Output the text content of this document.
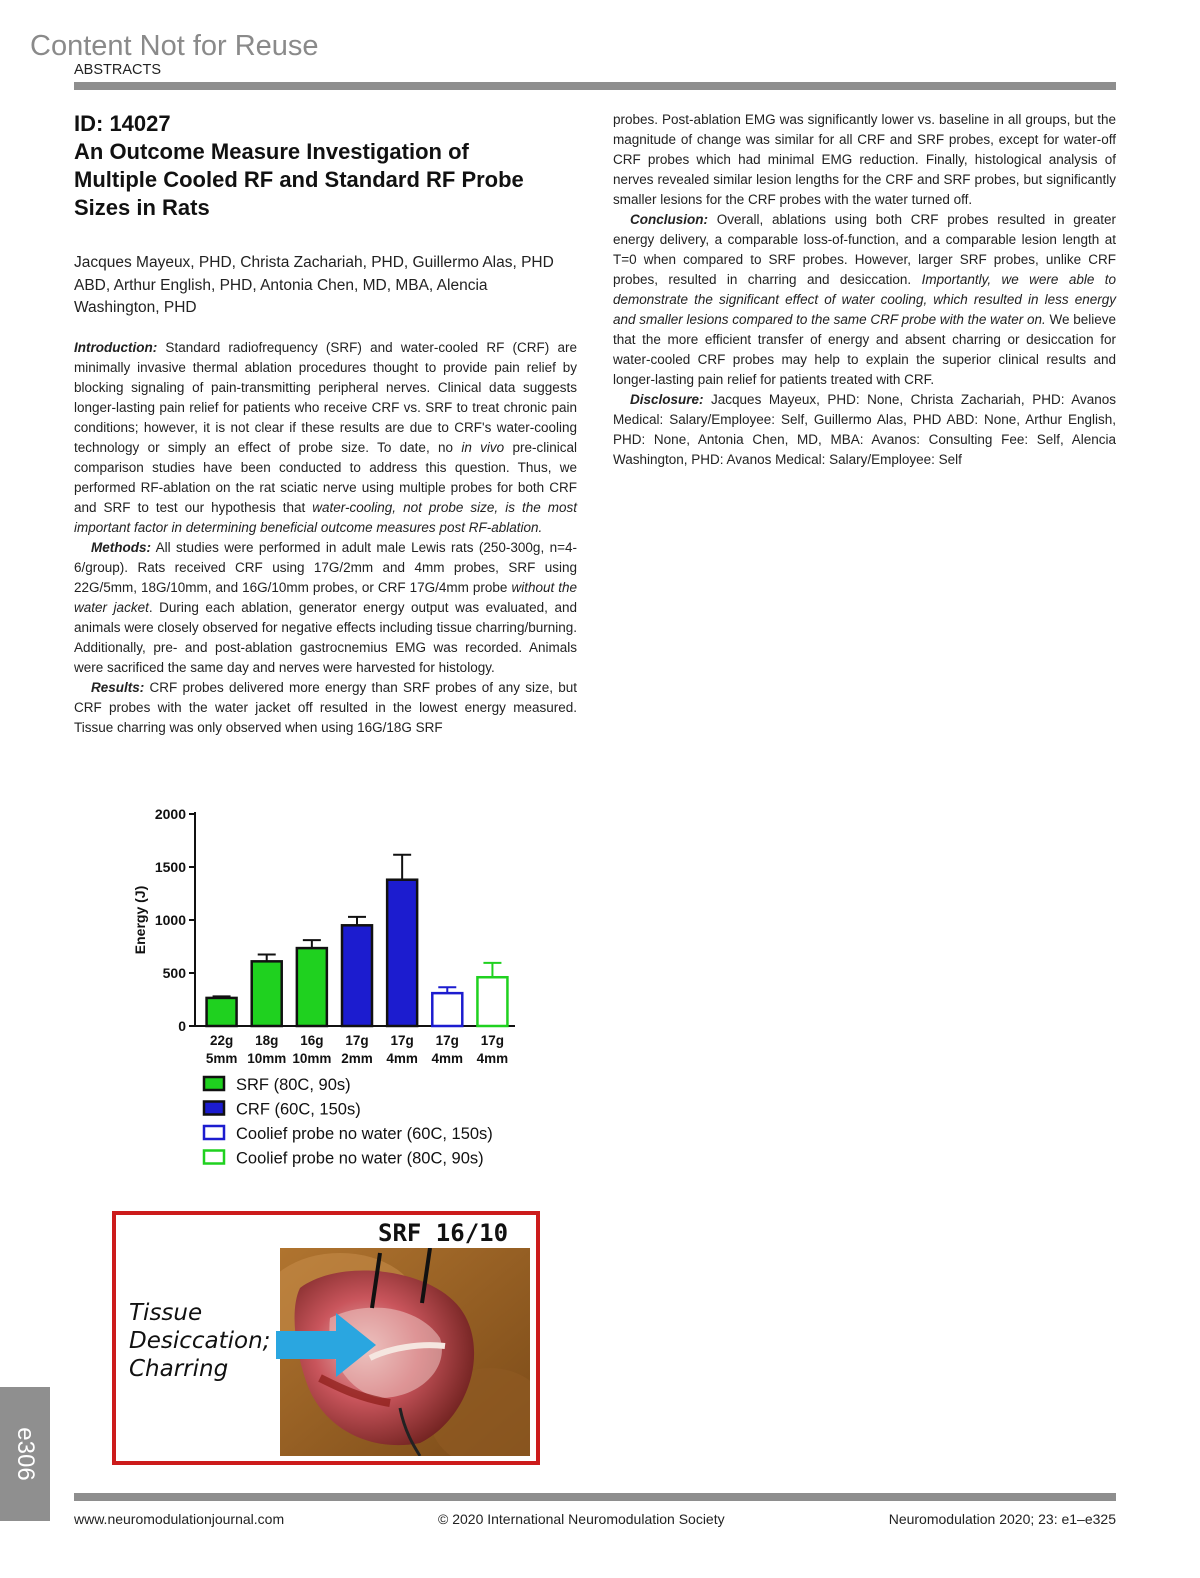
Content Not for Reuse
ABSTRACTS
ID: 14027
An Outcome Measure Investigation of
Multiple Cooled RF and Standard RF Probe
Sizes in Rats
Jacques Mayeux, PHD, Christa Zachariah, PHD, Guillermo Alas, PHD ABD, Arthur English, PHD, Antonia Chen, MD, MBA, Alencia Washington, PHD

Introduction: Standard radiofrequency (SRF) and water-cooled RF (CRF) are minimally invasive thermal ablation procedures thought to provide pain relief by blocking signaling of pain-transmitting peripheral nerves. Clinical data suggests longer-lasting pain relief for patients who receive CRF vs. SRF to treat chronic pain conditions; however, it is not clear if these results are due to CRF's water-cooling technology or simply an effect of probe size. To date, no in vivo pre-clinical comparison studies have been conducted to address this question. Thus, we performed RF-ablation on the rat sciatic nerve using multiple probes for both CRF and SRF to test our hypothesis that water-cooling, not probe size, is the most important factor in determining beneficial outcome measures post RF-ablation.

Methods: All studies were performed in adult male Lewis rats (250-300g, n=4-6/group). Rats received CRF using 17G/2mm and 4mm probes, SRF using 22G/5mm, 18G/10mm, and 16G/10mm probes, or CRF 17G/4mm probe without the water jacket. During each ablation, generator energy output was evaluated, and animals were closely observed for negative effects including tissue charring/burning. Additionally, pre- and post-ablation gastrocnemius EMG was recorded. Animals were sacrificed the same day and nerves were harvested for histology.

Results: CRF probes delivered more energy than SRF probes of any size, but CRF probes with the water jacket off resulted in the lowest energy measured. Tissue charring was only observed when using 16G/18G SRF

probes. Post-ablation EMG was significantly lower vs. baseline in all groups, but the magnitude of change was similar for all CRF and SRF probes, except for water-off CRF probes which had minimal EMG reduction. Finally, histological analysis of nerves revealed similar lesion lengths for the CRF and SRF probes, but significantly smaller lesions for the CRF probes with the water turned off.

Conclusion: Overall, ablations using both CRF probes resulted in greater energy delivery, a comparable loss-of-function, and a comparable lesion length at T=0 when compared to SRF probes. However, larger SRF probes, unlike CRF probes, resulted in charring and desiccation. Importantly, we were able to demonstrate the significant effect of water cooling, which resulted in less energy and smaller lesions compared to the same CRF probe with the water on. We believe that the more efficient transfer of energy and absent charring or desiccation for water-cooled CRF probes may help to explain the superior clinical results and longer-lasting pain relief for patients treated with CRF.

Disclosure: Jacques Mayeux, PHD: None, Christa Zachariah, PHD: Avanos Medical: Salary/Employee: Self, Guillermo Alas, PHD ABD: None, Arthur English, PHD: None, Antonia Chen, MD, MBA: Avanos: Consulting Fee: Self, Alencia Washington, PHD: Avanos Medical: Salary/Employee: Self

0
500
1000
1500
2000
22g
5mm
18g
10mm
16g
10mm
17g
2mm
17g
4mm
17g
4mm
17g
4mm
Energy (J)
SRF (80C, 90s)
CRF (60C, 150s)
Coolief probe no water (60C, 150s)
Coolief probe no water (80C, 90s)
SRF 16/10
Tissue
Desiccation;
Charring
e306
www.neuromodulationjournal.com	© 2020 International Neuromodulation Society	Neuromodulation 2020; 23: e1–e325
